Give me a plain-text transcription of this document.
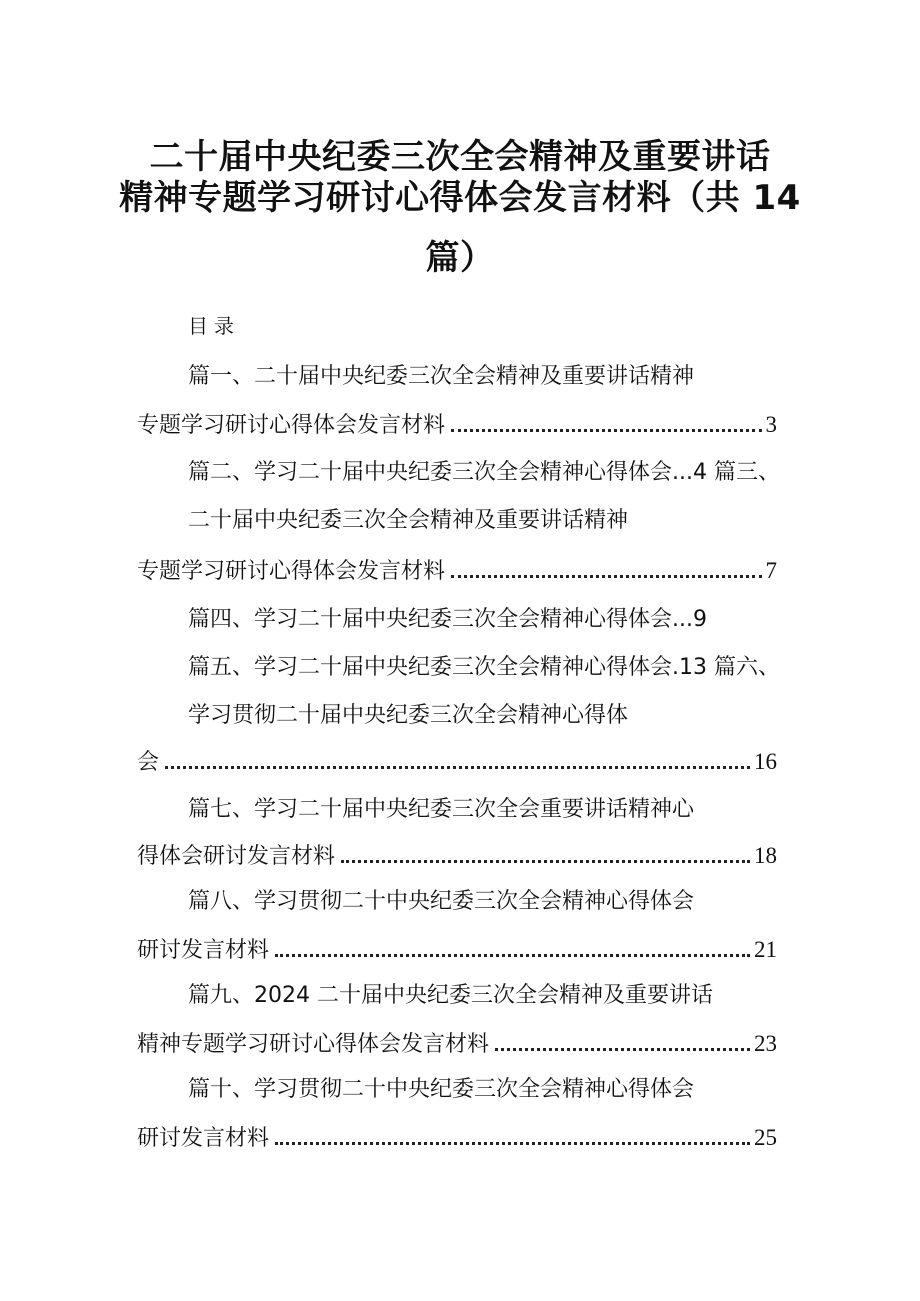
二十届中央纪委三次全会精神及重要讲话
精神专题学习研讨心得体会发言材料（共 14
篇）
目录
篇一、二十届中央纪委三次全会精神及重要讲话精神
专题学习研讨心得体会发言材料	3
篇二、学习二十届中央纪委三次全会精神心得体会...4 篇三、
二十届中央纪委三次全会精神及重要讲话精神
专题学习研讨心得体会发言材料	7
篇四、学习二十届中央纪委三次全会精神心得体会...9
篇五、学习二十届中央纪委三次全会精神心得体会.13 篇六、
学习贯彻二十届中央纪委三次全会精神心得体
会	16
篇七、学习二十届中央纪委三次全会重要讲话精神心
得体会研讨发言材料	18
篇八、学习贯彻二十中央纪委三次全会精神心得体会
研讨发言材料	21
篇九、2024 二十届中央纪委三次全会精神及重要讲话
精神专题学习研讨心得体会发言材料	23
篇十、学习贯彻二十中央纪委三次全会精神心得体会
研讨发言材料	25
